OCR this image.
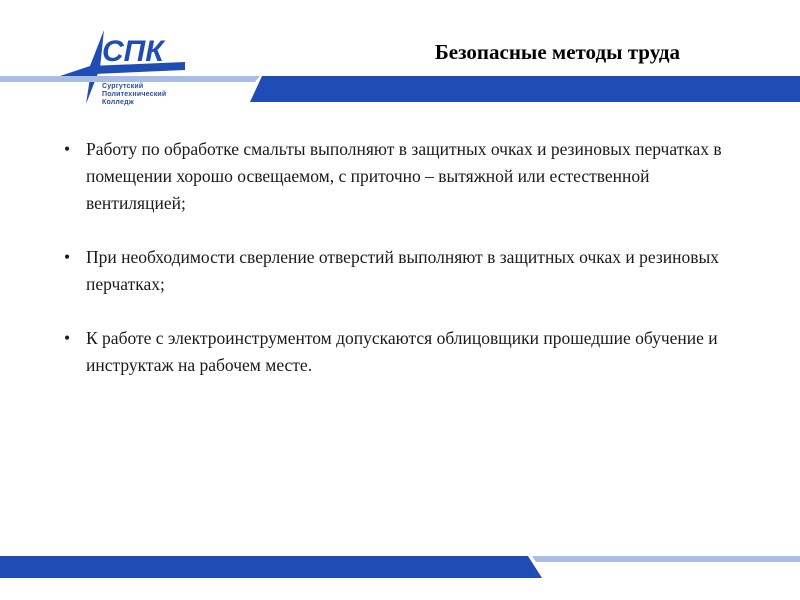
СПК
Сургутский
Политехнический
Колледж
Безопасные методы труда
• Работу по обработке смальты выполняют в защитных очках и резиновых перчатках в помещении хорошо освещаемом, с приточно – вытяжной или естественной вентиляцией;
• При необходимости сверление отверстий выполняют в защитных очках и резиновых перчатках;
• К работе с электроинструментом допускаются облицовщики прошедшие обучение и инструктаж на рабочем месте.
